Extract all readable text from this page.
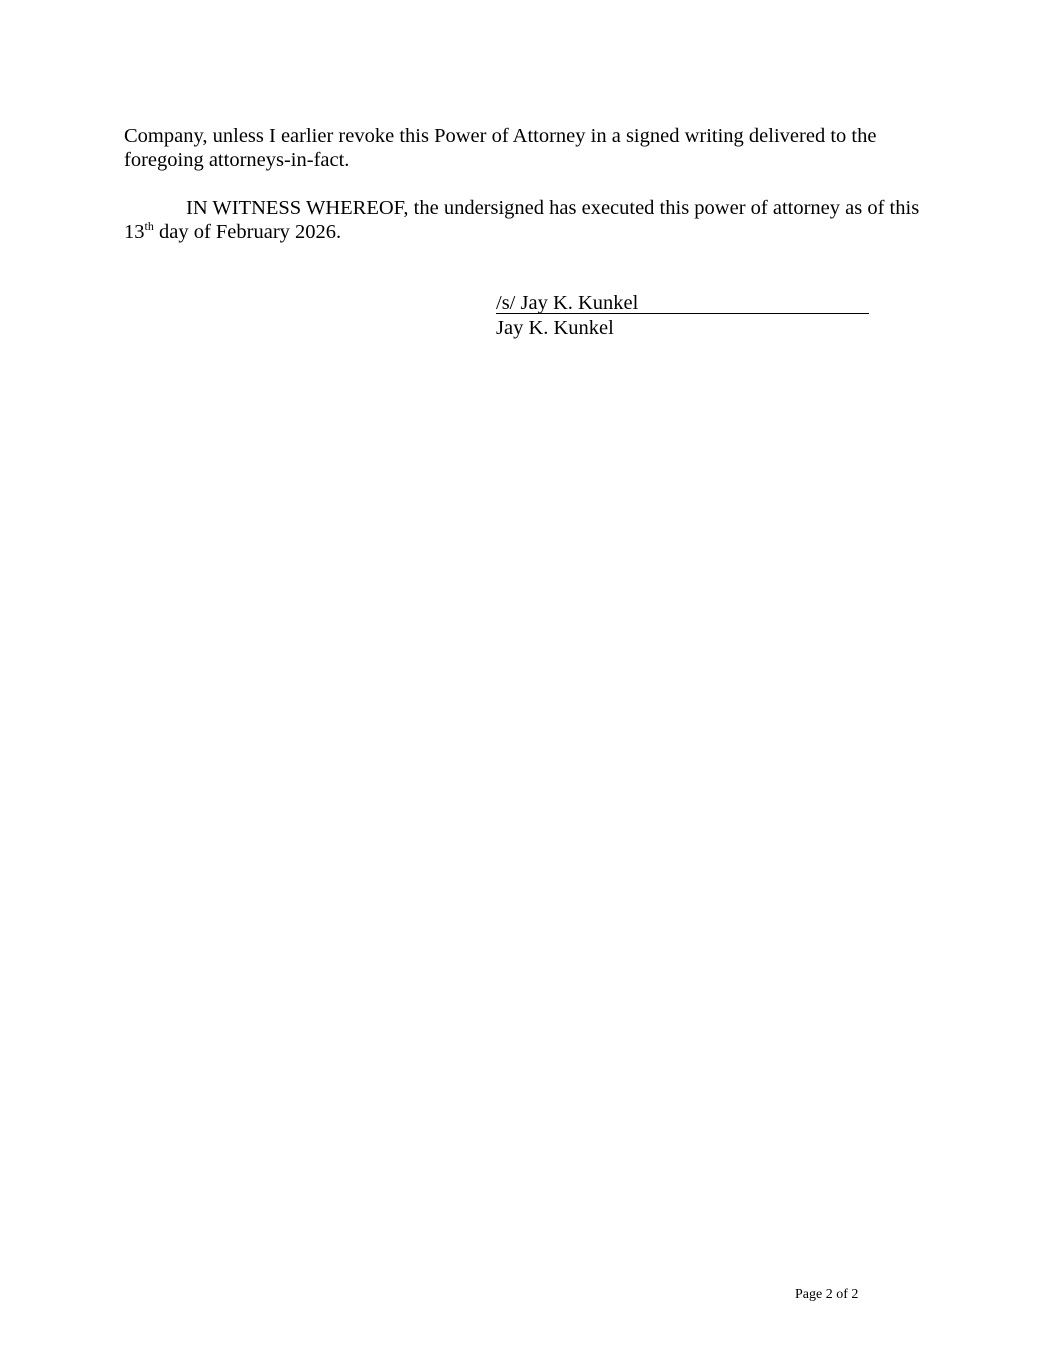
Company, unless I earlier revoke this Power of Attorney in a signed writing delivered to the foregoing attorneys-in-fact.

IN WITNESS WHEREOF, the undersigned has executed this power of attorney as of this 13th day of February 2026.

/s/ Jay K. Kunkel
Jay K. Kunkel
Page 2 of 2
